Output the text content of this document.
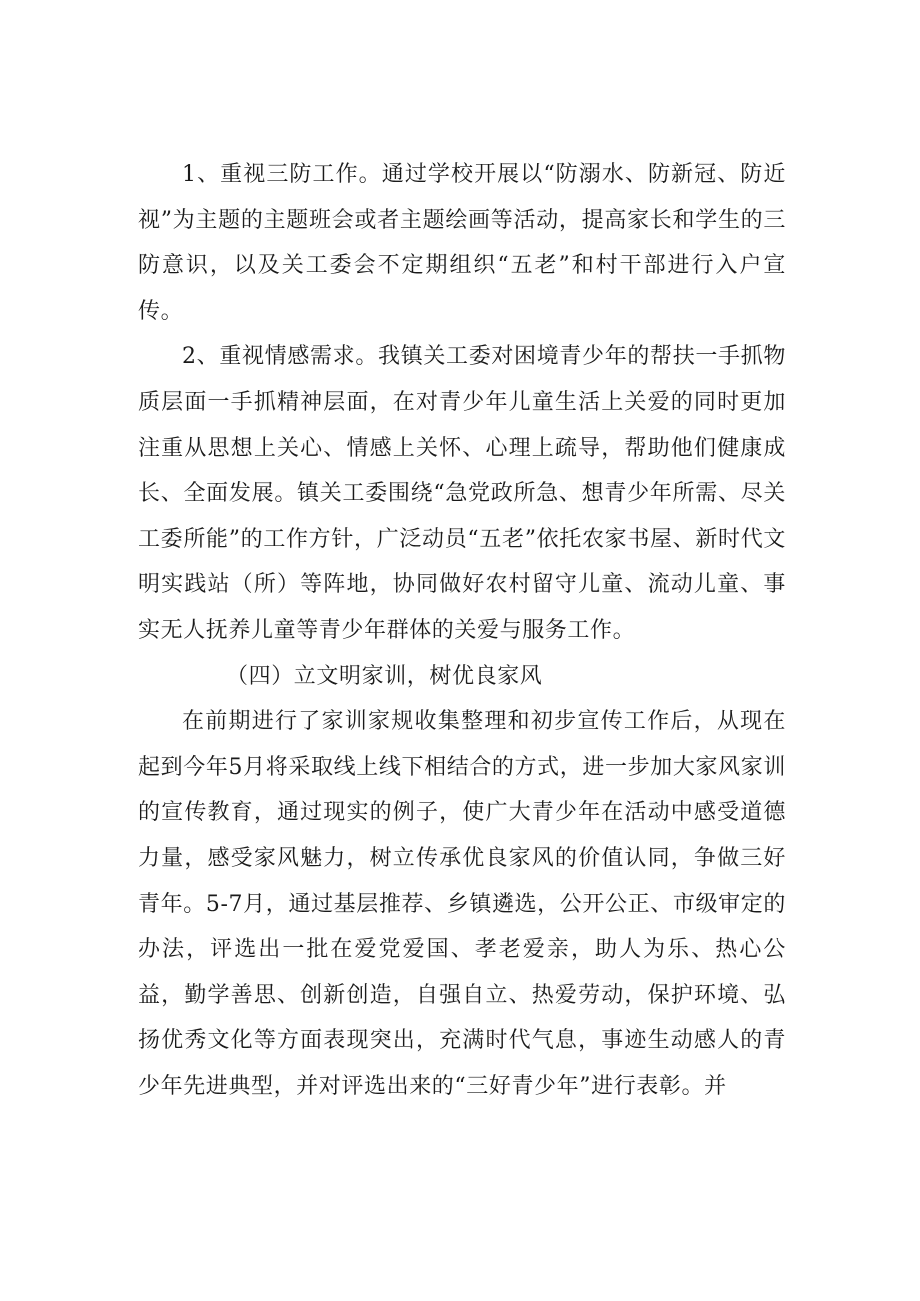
1、重视三防工作。通过学校开展以“防溺水、防新冠、防近视”为主题的主题班会或者主题绘画等活动，提高家长和学生的三防意识，以及关工委会不定期组织“五老”和村干部进行入户宣传。

2、重视情感需求。我镇关工委对困境青少年的帮扶一手抓物质层面一手抓精神层面，在对青少年儿童生活上关爱的同时更加注重从思想上关心、情感上关怀、心理上疏导，帮助他们健康成长、全面发展。镇关工委围绕“急党政所急、想青少年所需、尽关工委所能”的工作方针，广泛动员“五老”依托农家书屋、新时代文明实践站（所）等阵地，协同做好农村留守儿童、流动儿童、事实无人抚养儿童等青少年群体的关爱与服务工作。

（四）立文明家训，树优良家风

在前期进行了家训家规收集整理和初步宣传工作后，从现在起到今年5月将采取线上线下相结合的方式，进一步加大家风家训的宣传教育，通过现实的例子，使广大青少年在活动中感受道德力量，感受家风魅力，树立传承优良家风的价值认同，争做三好青年。5-7月，通过基层推荐、乡镇遴选，公开公正、市级审定的办法，评选出一批在爱党爱国、孝老爱亲，助人为乐、热心公益，勤学善思、创新创造，自强自立、热爱劳动，保护环境、弘扬优秀文化等方面表现突出，充满时代气息，事迹生动感人的青少年先进典型，并对评选出来的“三好青少年”进行表彰。并
